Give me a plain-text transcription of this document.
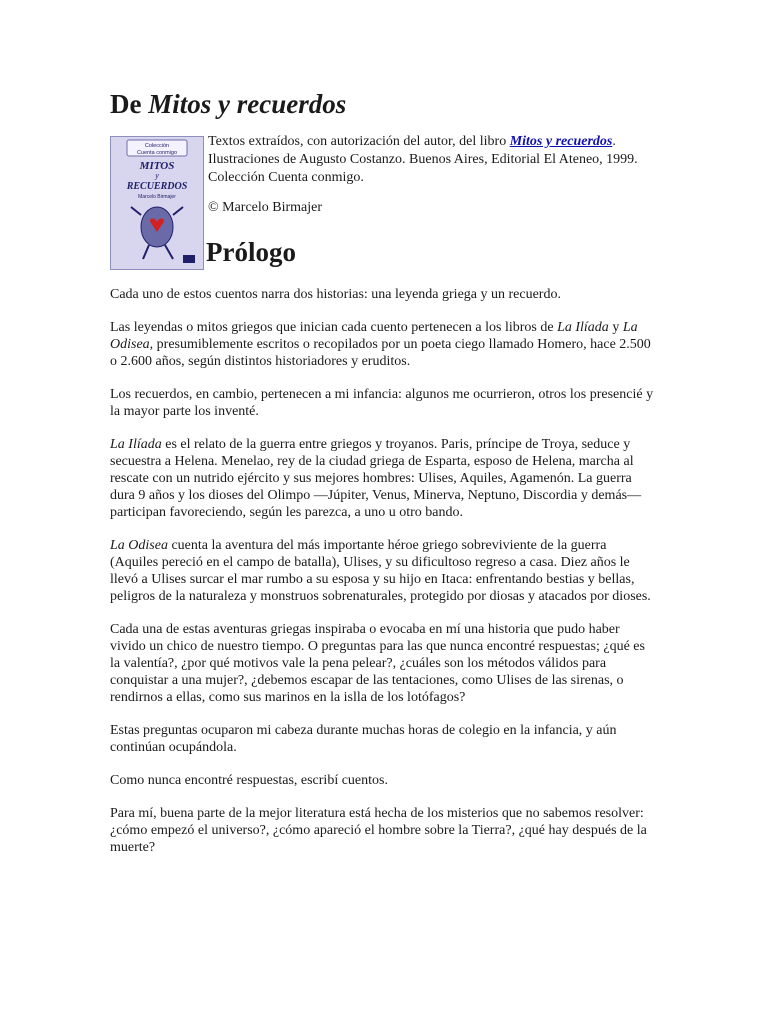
De Mitos y recuerdos
Colección
Cuenta conmigo
MITOS
y
RECUERDOS
Marcelo Birmajer

Textos extraídos, con autorización del autor, del libro Mitos y recuerdos. Ilustraciones de Augusto Costanzo. Buenos Aires, Editorial El Ateneo, 1999. Colección Cuenta conmigo.

© Marcelo Birmajer

Prólogo

Cada uno de estos cuentos narra dos historias: una leyenda griega y un recuerdo.

Las leyendas o mitos griegos que inician cada cuento pertenecen a los libros de La Ilíada y La Odisea, presumiblemente escritos o recopilados por un poeta ciego llamado Homero, hace 2.500 o 2.600 años, según distintos historiadores y eruditos.

Los recuerdos, en cambio, pertenecen a mi infancia: algunos me ocurrieron, otros los presencié y la mayor parte los inventé.

La Ilíada es el relato de la guerra entre griegos y troyanos. Paris, príncipe de Troya, seduce y secuestra a Helena. Menelao, rey de la ciudad griega de Esparta, esposo de Helena, marcha al rescate con un nutrido ejército y sus mejores hombres: Ulises, Aquiles, Agamenón. La guerra dura 9 años y los dioses del Olimpo —Júpiter, Venus, Minerva, Neptuno, Discordia y demás— participan favoreciendo, según les parezca, a uno u otro bando.

La Odisea cuenta la aventura del más importante héroe griego sobreviviente de la guerra (Aquiles pereció en el campo de batalla), Ulises, y su dificultoso regreso a casa. Diez años le llevó a Ulises surcar el mar rumbo a su esposa y su hijo en Itaca: enfrentando bestias y bellas, peligros de la naturaleza y monstruos sobrenaturales, protegido por diosas y atacados por dioses.

Cada una de estas aventuras griegas inspiraba o evocaba en mí una historia que pudo haber vivido un chico de nuestro tiempo. O preguntas para las que nunca encontré respuestas; ¿qué es la valentía?, ¿por qué motivos vale la pena pelear?, ¿cuáles son los métodos válidos para conquistar a una mujer?, ¿debemos escapar de las tentaciones, como Ulises de las sirenas, o rendirnos a ellas, como sus marinos en la islla de los lotófagos?

Estas preguntas ocuparon mi cabeza durante muchas horas de colegio en la infancia, y aún continúan ocupándola.

Como nunca encontré respuestas, escribí cuentos.

Para mí, buena parte de la mejor literatura está hecha de los misterios que no sabemos resolver: ¿cómo empezó el universo?, ¿cómo apareció el hombre sobre la Tierra?, ¿qué hay después de la muerte?
